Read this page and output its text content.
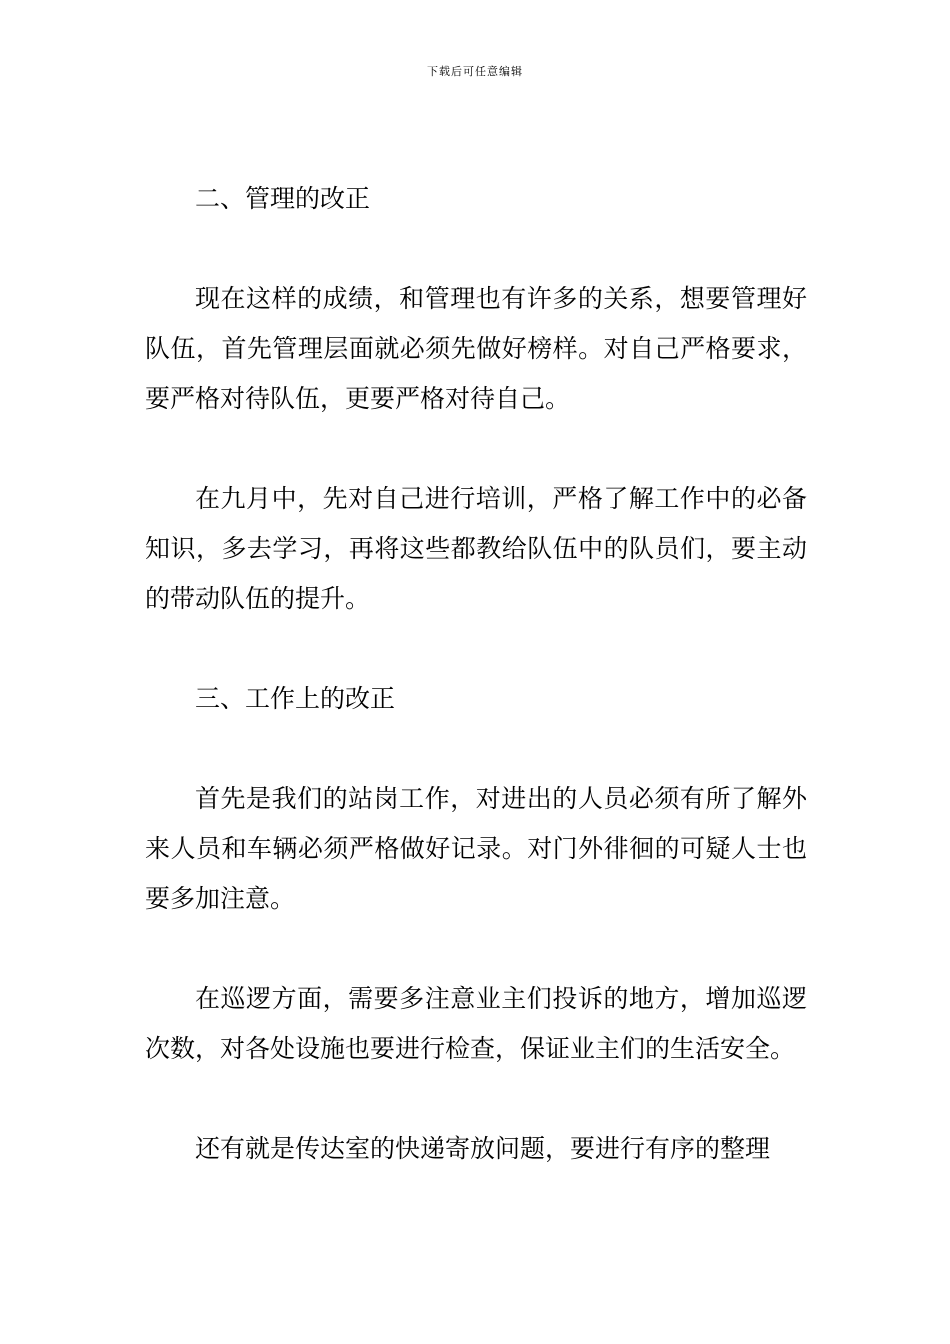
下载后可任意编辑

二、管理的改正

现在这样的成绩，和管理也有许多的关系，想要管理好队伍，首先管理层面就必须先做好榜样。对自己严格要求，要严格对待队伍，更要严格对待自己。

在九月中，先对自己进行培训，严格了解工作中的必备知识，多去学习，再将这些都教给队伍中的队员们，要主动的带动队伍的提升。

三、工作上的改正

首先是我们的站岗工作，对进出的人员必须有所了解外来人员和车辆必须严格做好记录。对门外徘徊的可疑人士也要多加注意。

在巡逻方面，需要多注意业主们投诉的地方，增加巡逻次数，对各处设施也要进行检查，保证业主们的生活安全。

还有就是传达室的快递寄放问题，要进行有序的整理
